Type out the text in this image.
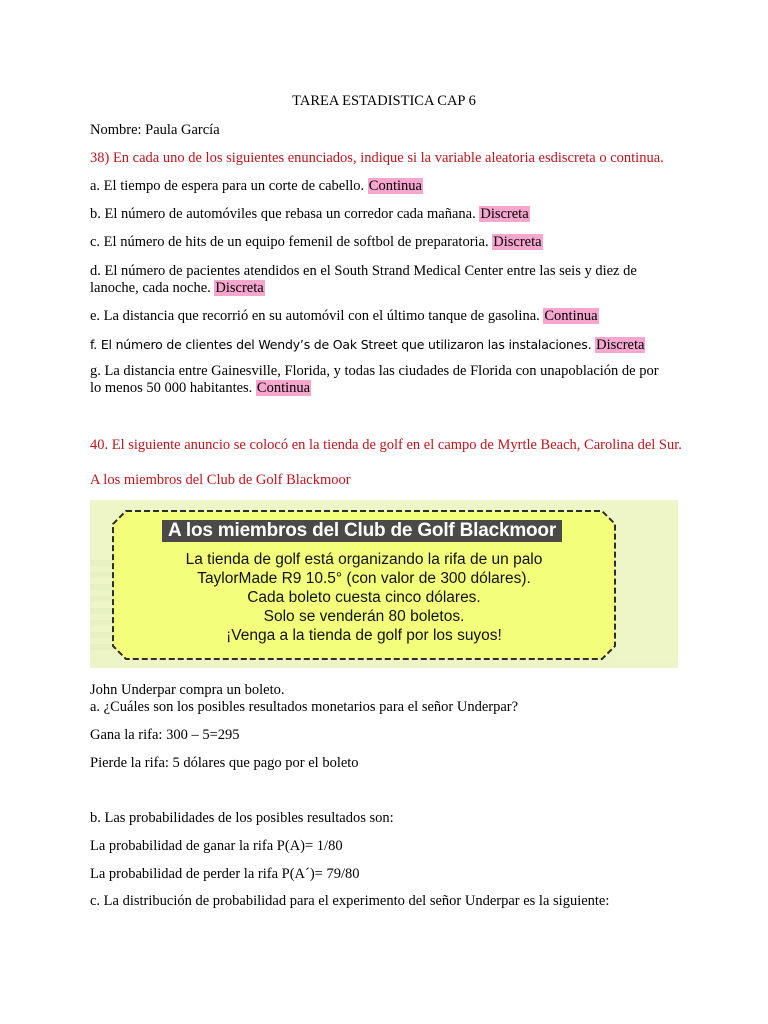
TAREA ESTADISTICA CAP 6
Nombre: Paula García
38) En cada uno de los siguientes enunciados, indique si la variable aleatoria esdiscreta o continua.
a. El tiempo de espera para un corte de cabello. Continua
b. El número de automóviles que rebasa un corredor cada mañana. Discreta
c. El número de hits de un equipo femenil de softbol de preparatoria. Discreta
d. El número de pacientes atendidos en el South Strand Medical Center entre las seis y diez de lanoche, cada noche. Discreta
e. La distancia que recorrió en su automóvil con el último tanque de gasolina. Continua
f. El número de clientes del Wendy’s de Oak Street que utilizaron las instalaciones. Discreta
g. La distancia entre Gainesville, Florida, y todas las ciudades de Florida con unapoblación de por lo menos 50 000 habitantes. Continua
40. El siguiente anuncio se colocó en la tienda de golf en el campo de Myrtle Beach, Carolina del Sur.
A los miembros del Club de Golf Blackmoor
A los miembros del Club de Golf Blackmoor
La tienda de golf está organizando la rifa de un palo
TaylorMade R9 10.5° (con valor de 300 dólares).
Cada boleto cuesta cinco dólares.
Solo se venderán 80 boletos.
¡Venga a la tienda de golf por los suyos!
John Underpar compra un boleto.
a. ¿Cuáles son los posibles resultados monetarios para el señor Underpar?
Gana la rifa: 300 – 5=295
Pierde la rifa: 5 dólares que pago por el boleto
b. Las probabilidades de los posibles resultados son:
La probabilidad de ganar la rifa P(A)= 1/80
La probabilidad de perder la rifa P(A´)= 79/80
c. La distribución de probabilidad para el experimento del señor Underpar es la siguiente:
